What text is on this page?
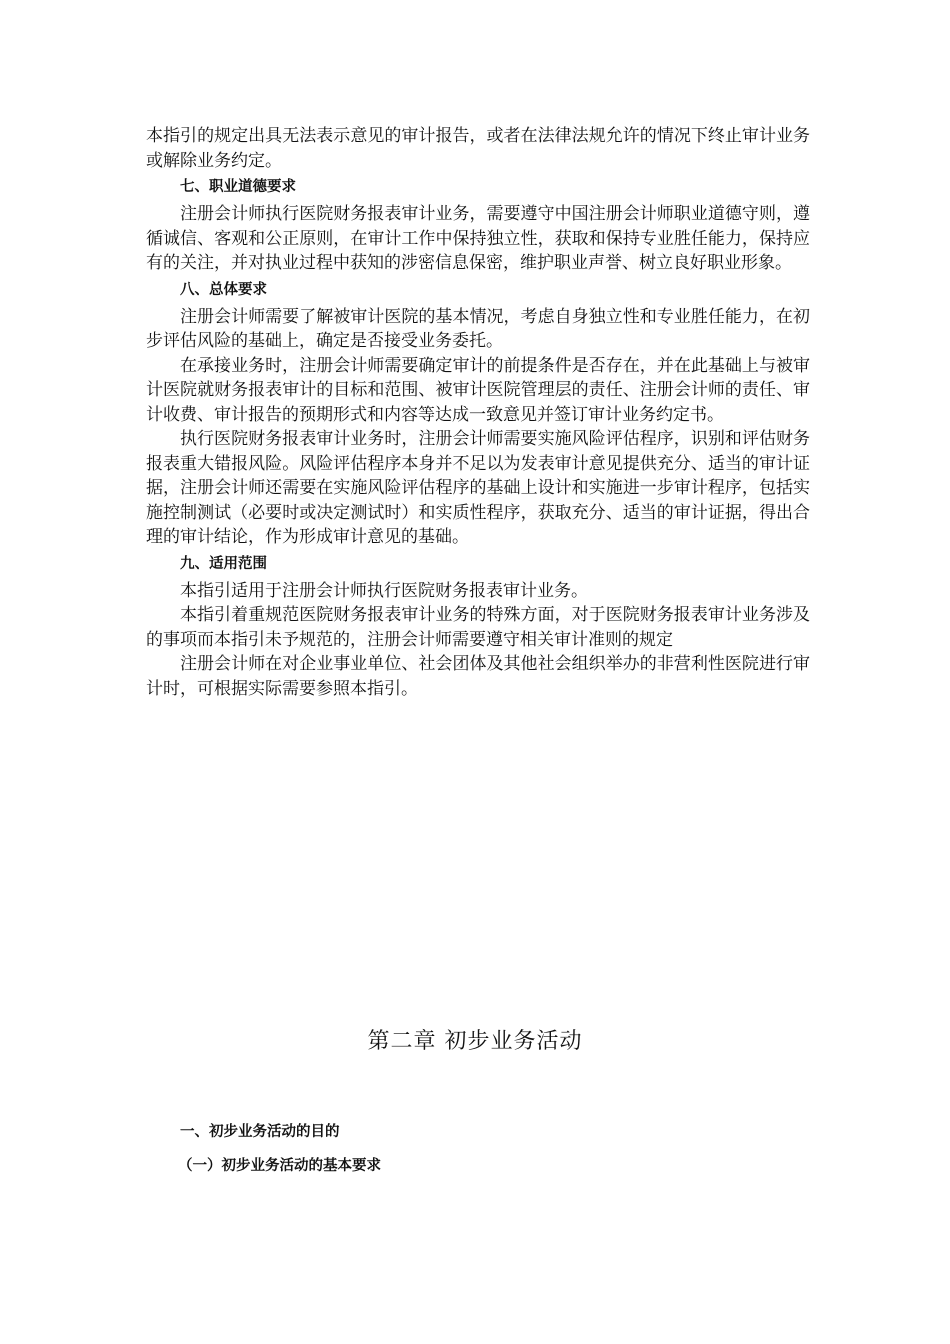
本指引的规定出具无法表示意见的审计报告，或者在法律法规允许的情况下终止审计业务或解除业务约定。

七、职业道德要求

注册会计师执行医院财务报表审计业务，需要遵守中国注册会计师职业道德守则，遵循诚信、客观和公正原则，在审计工作中保持独立性，获取和保持专业胜任能力，保持应有的关注，并对执业过程中获知的涉密信息保密，维护职业声誉、树立良好职业形象。

八、总体要求

注册会计师需要了解被审计医院的基本情况，考虑自身独立性和专业胜任能力，在初步评估风险的基础上，确定是否接受业务委托。

在承接业务时，注册会计师需要确定审计的前提条件是否存在，并在此基础上与被审计医院就财务报表审计的目标和范围、被审计医院管理层的责任、注册会计师的责任、审计收费、审计报告的预期形式和内容等达成一致意见并签订审计业务约定书。

执行医院财务报表审计业务时，注册会计师需要实施风险评估程序，识别和评估财务报表重大错报风险。风险评估程序本身并不足以为发表审计意见提供充分、适当的审计证据，注册会计师还需要在实施风险评估程序的基础上设计和实施进一步审计程序，包括实施控制测试（必要时或决定测试时）和实质性程序，获取充分、适当的审计证据，得出合理的审计结论，作为形成审计意见的基础。

九、适用范围

本指引适用于注册会计师执行医院财务报表审计业务。

本指引着重规范医院财务报表审计业务的特殊方面，对于医院财务报表审计业务涉及的事项而本指引未予规范的，注册会计师需要遵守相关审计准则的规定

注册会计师在对企业事业单位、社会团体及其他社会组织举办的非营利性医院进行审计时，可根据实际需要参照本指引。

第二章 初步业务活动
一、初步业务活动的目的
（一）初步业务活动的基本要求
